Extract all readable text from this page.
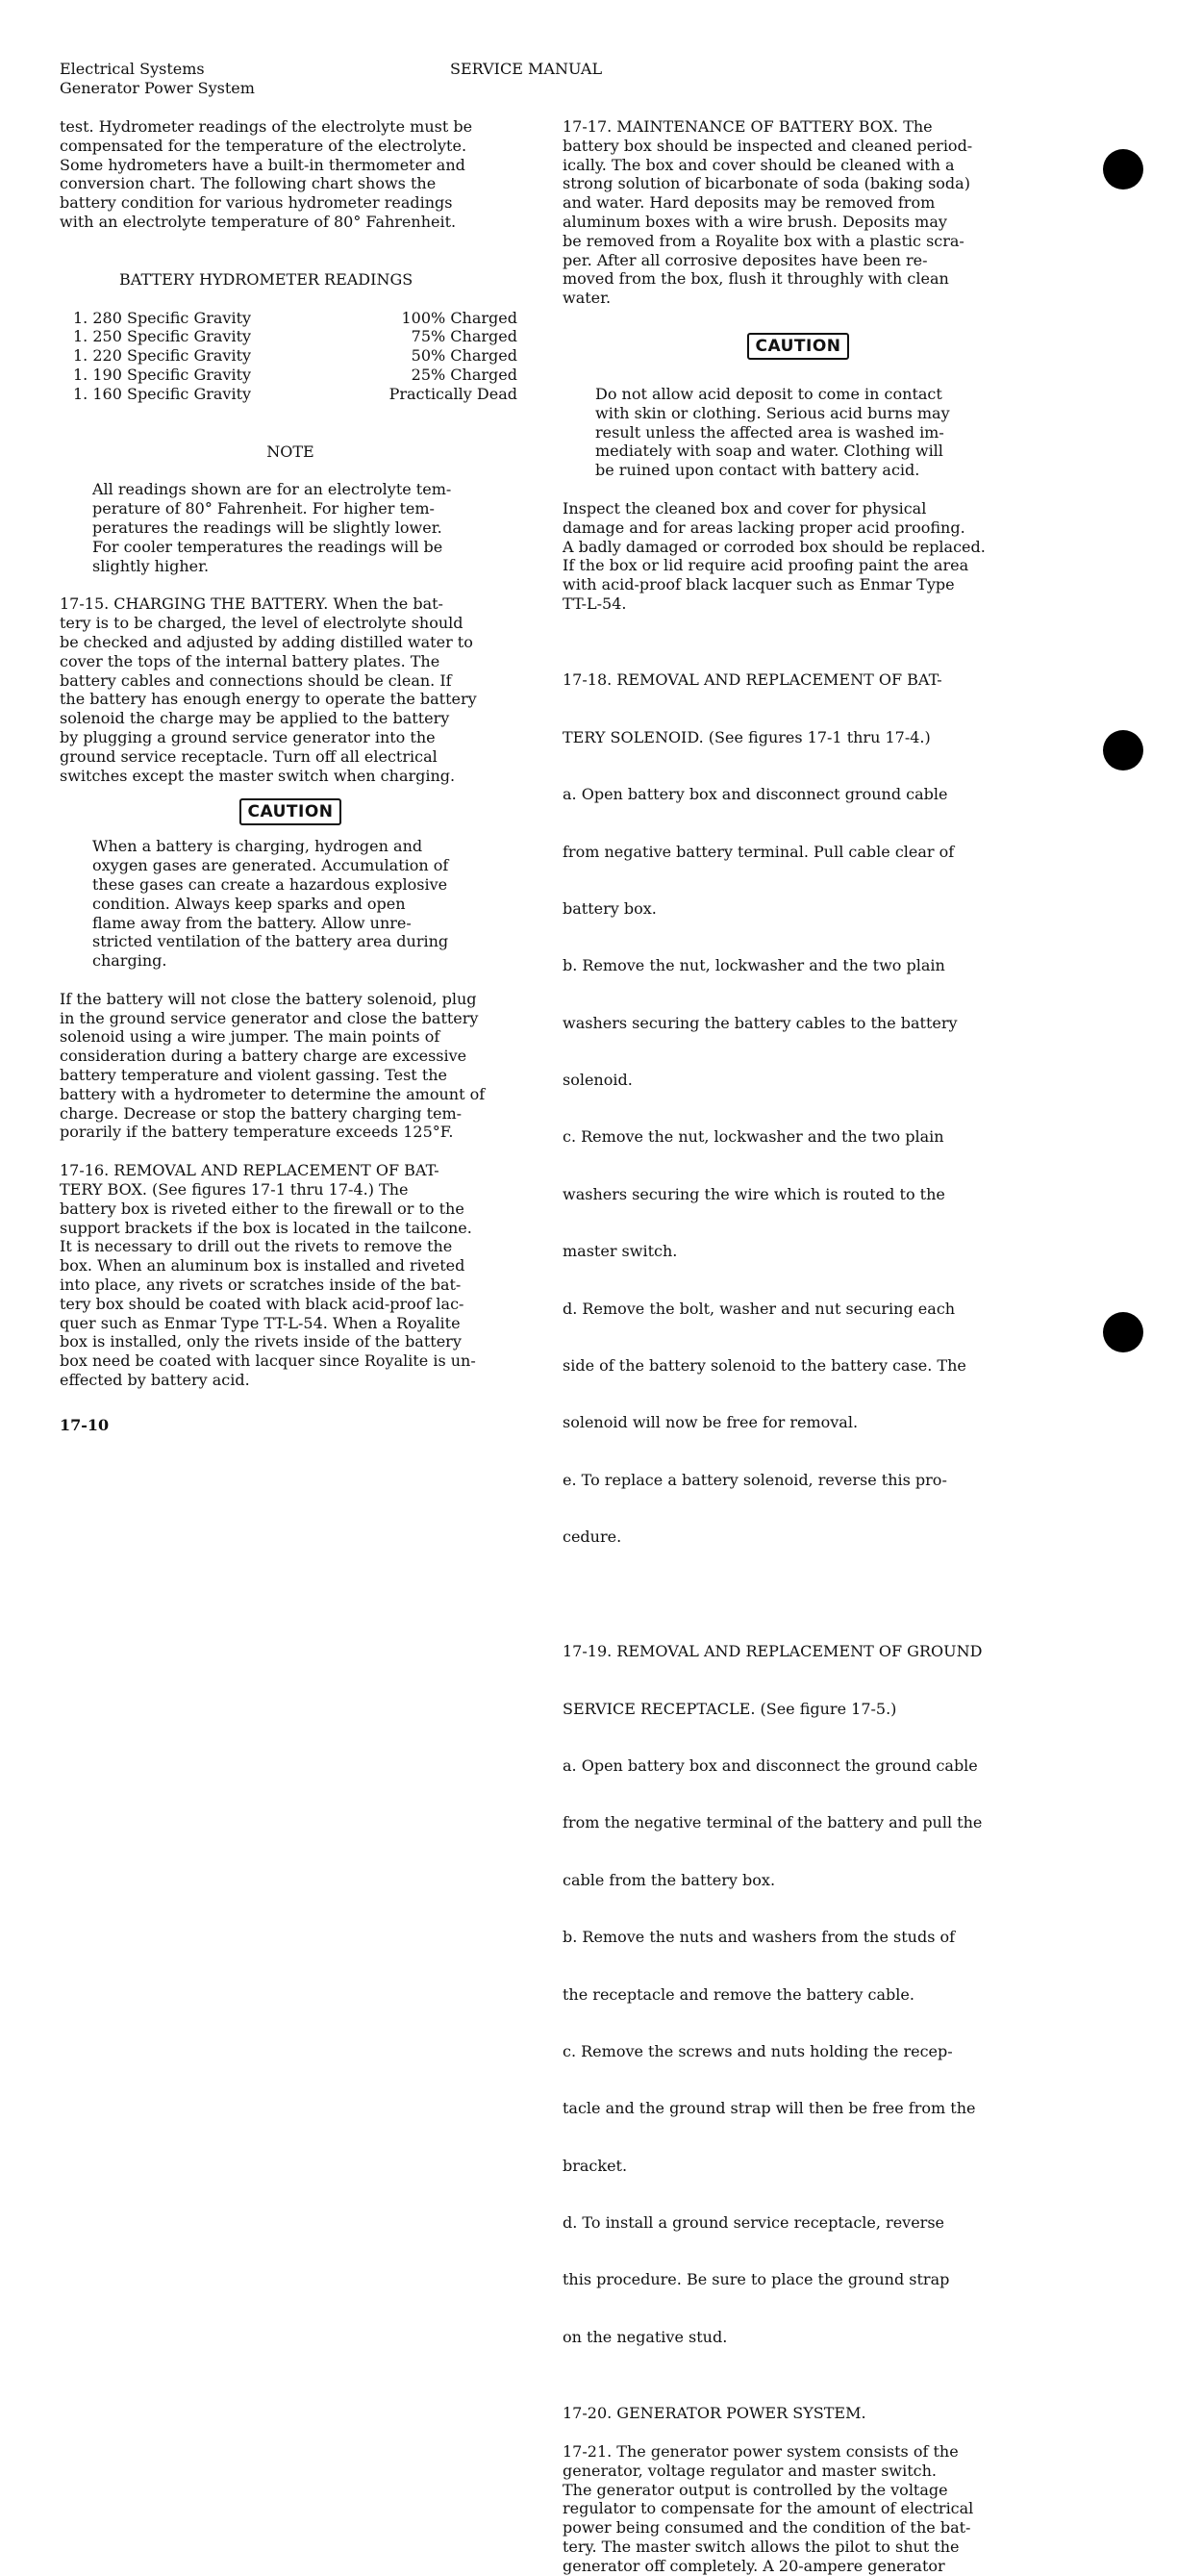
Electrical Systems
Generator Power System
SERVICE MANUAL
test. Hydrometer readings of the electrolyte must be
compensated for the temperature of the electrolyte.
Some hydrometers have a built-in thermometer and
conversion chart. The following chart shows the
battery condition for various hydrometer readings
with an electrolyte temperature of 80° Fahrenheit.
BATTERY HYDROMETER READINGS
1. 280 Specific Gravity	100% Charged
1. 250 Specific Gravity	75% Charged
1. 220 Specific Gravity	50% Charged
1. 190 Specific Gravity	25% Charged
1. 160 Specific Gravity	Practically Dead
NOTE
All readings shown are for an electrolyte tem-
perature of 80° Fahrenheit. For higher tem-
peratures the readings will be slightly lower.
For cooler temperatures the readings will be
slightly higher.
17-15. CHARGING THE BATTERY. When the bat-
tery is to be charged, the level of electrolyte should
be checked and adjusted by adding distilled water to
cover the tops of the internal battery plates. The
battery cables and connections should be clean. If
the battery has enough energy to operate the battery
solenoid the charge may be applied to the battery
by plugging a ground service generator into the
ground service receptacle. Turn off all electrical
switches except the master switch when charging.
CAUTION
When a battery is charging, hydrogen and
oxygen gases are generated. Accumulation of
these gases can create a hazardous explosive
condition. Always keep sparks and open
flame away from the battery. Allow unre-
stricted ventilation of the battery area during
charging.
If the battery will not close the battery solenoid, plug
in the ground service generator and close the battery
solenoid using a wire jumper. The main points of
consideration during a battery charge are excessive
battery temperature and violent gassing. Test the
battery with a hydrometer to determine the amount of
charge. Decrease or stop the battery charging tem-
porarily if the battery temperature exceeds 125°F.
17-16. REMOVAL AND REPLACEMENT OF BAT-
TERY BOX. (See figures 17-1 thru 17-4.) The
battery box is riveted either to the firewall or to the
support brackets if the box is located in the tailcone.
It is necessary to drill out the rivets to remove the
box. When an aluminum box is installed and riveted
into place, any rivets or scratches inside of the bat-
tery box should be coated with black acid-proof lac-
quer such as Enmar Type TT-L-54. When a Royalite
box is installed, only the rivets inside of the battery
box need be coated with lacquer since Royalite is un-
effected by battery acid.
17-17. MAINTENANCE OF BATTERY BOX. The
battery box should be inspected and cleaned period-
ically. The box and cover should be cleaned with a
strong solution of bicarbonate of soda (baking soda)
and water. Hard deposits may be removed from
aluminum boxes with a wire brush. Deposits may
be removed from a Royalite box with a plastic scra-
per. After all corrosive deposites have been re-
moved from the box, flush it throughly with clean
water.
CAUTION
Do not allow acid deposit to come in contact
with skin or clothing. Serious acid burns may
result unless the affected area is washed im-
mediately with soap and water. Clothing will
be ruined upon contact with battery acid.
Inspect the cleaned box and cover for physical
damage and for areas lacking proper acid proofing.
A badly damaged or corroded box should be replaced.
If the box or lid require acid proofing paint the area
with acid-proof black lacquer such as Enmar Type
TT-L-54.

17-18. REMOVAL AND REPLACEMENT OF BAT-

TERY SOLENOID. (See figures 17-1 thru 17-4.)

a. Open battery box and disconnect ground cable

from negative battery terminal. Pull cable clear of

battery box.

b. Remove the nut, lockwasher and the two plain

washers securing the battery cables to the battery

solenoid.

c. Remove the nut, lockwasher and the two plain

washers securing the wire which is routed to the

master switch.

d. Remove the bolt, washer and nut securing each

side of the battery solenoid to the battery case. The

solenoid will now be free for removal.

e. To replace a battery solenoid, reverse this pro-

cedure.

17-19. REMOVAL AND REPLACEMENT OF GROUND

SERVICE RECEPTACLE. (See figure 17-5.)

a. Open battery box and disconnect the ground cable

from the negative terminal of the battery and pull the

cable from the battery box.

b. Remove the nuts and washers from the studs of

the receptacle and remove the battery cable.

c. Remove the screws and nuts holding the recep-

tacle and the ground strap will then be free from the

bracket.

d. To install a ground service receptacle, reverse

this procedure. Be sure to place the ground strap

on the negative stud.

17-20. GENERATOR POWER SYSTEM.
17-21. The generator power system consists of the
generator, voltage regulator and master switch.
The generator output is controlled by the voltage
regulator to compensate for the amount of electrical
power being consumed and the condition of the bat-
tery. The master switch allows the pilot to shut the
generator off completely. A 20-ampere generator
17-10
